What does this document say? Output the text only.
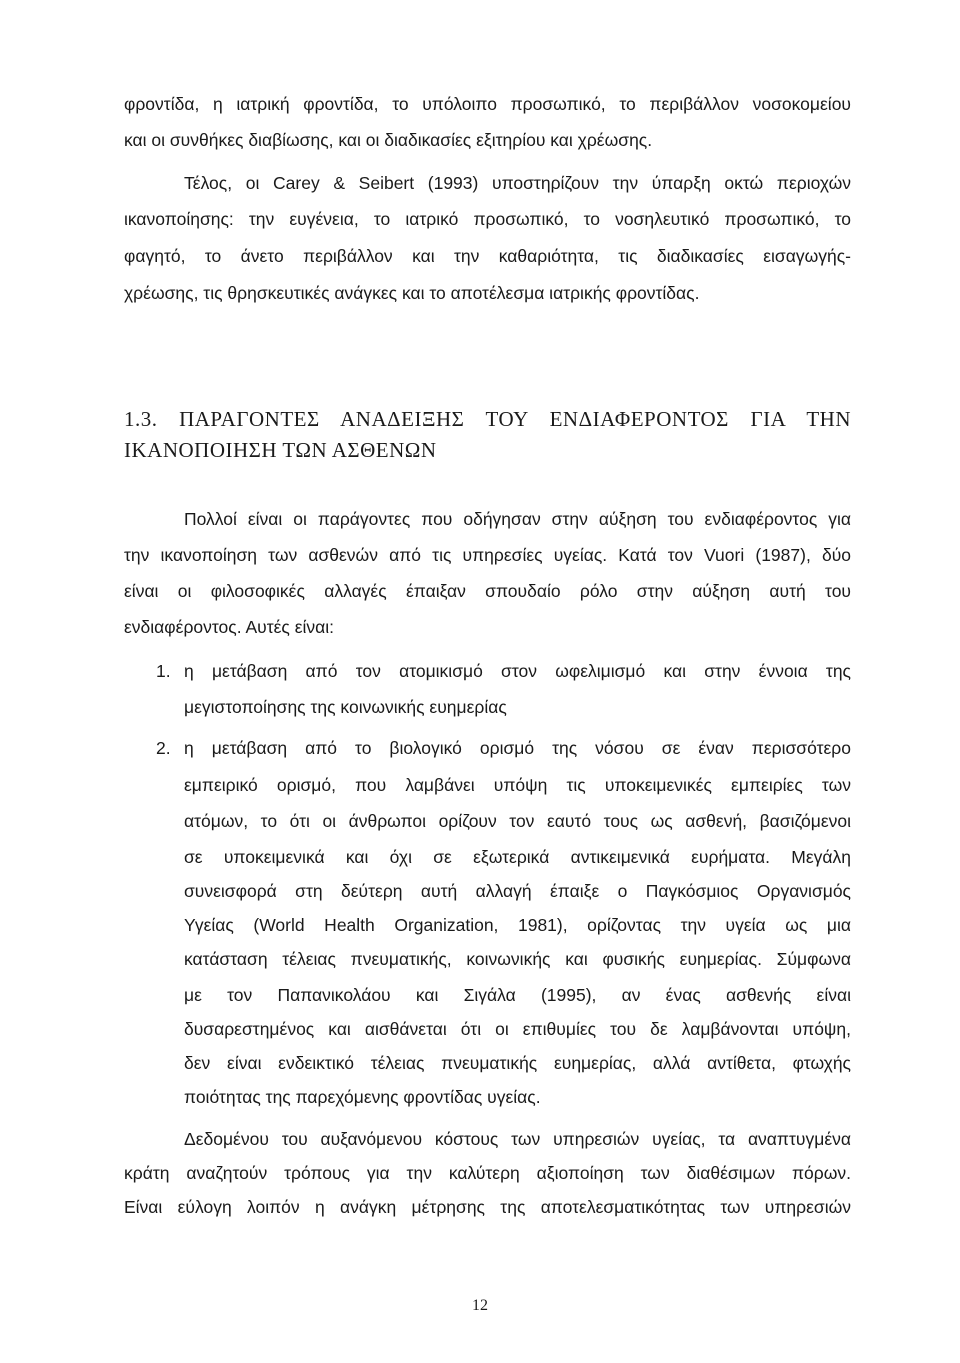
φροντίδα, η ιατρική φροντίδα, το υπόλοιπο προσωπικό, το περιβάλλον νοσοκομείου
και οι συνθήκες διαβίωσης, και οι διαδικασίες εξιτηρίου και χρέωσης.
Τέλος, οι Carey & Seibert (1993) υποστηρίζουν την ύπαρξη οκτώ περιοχών
ικανοποίησης: την ευγένεια, το ιατρικό προσωπικό, το νοσηλευτικό προσωπικό, το
φαγητό, το άνετο περιβάλλον και την καθαριότητα, τις διαδικασίες εισαγωγής-
χρέωσης, τις θρησκευτικές ανάγκες και το αποτέλεσμα ιατρικής φροντίδας.
1.3. ΠΑΡΑΓΟΝΤΕΣ ΑΝΑΔΕΙΞΗΣ ΤΟΥ ΕΝΔΙΑΦΕΡΟΝΤΟΣ ΓΙΑ ΤΗΝ
ΙΚΑΝΟΠΟΙΗΣΗ ΤΩΝ ΑΣΘΕΝΩΝ
Πολλοί είναι οι παράγοντες που οδήγησαν στην αύξηση του ενδιαφέροντος για
την ικανοποίηση των ασθενών από τις υπηρεσίες υγείας. Κατά τον Vuori (1987), δύο
είναι οι φιλοσοφικές αλλαγές έπαιξαν σπουδαίο ρόλο στην αύξηση αυτή του
ενδιαφέροντος. Αυτές είναι:
1. η μετάβαση από τον ατομικισμό στον ωφελιμισμό και στην έννοια της
μεγιστοποίησης της κοινωνικής ευημερίας
2. η μετάβαση από το βιολογικό ορισμό της νόσου σε έναν περισσότερο
εμπειρικό ορισμό, που λαμβάνει υπόψη τις υποκειμενικές εμπειρίες των
ατόμων, το ότι οι άνθρωποι ορίζουν τον εαυτό τους ως ασθενή, βασιζόμενοι
σε υποκειμενικά και όχι σε εξωτερικά αντικειμενικά ευρήματα. Μεγάλη
συνεισφορά στη δεύτερη αυτή αλλαγή έπαιξε ο Παγκόσμιος Οργανισμός
Υγείας (World Health Organization, 1981), ορίζοντας την υγεία ως μια
κατάσταση τέλειας πνευματικής, κοινωνικής και φυσικής ευημερίας. Σύμφωνα
με τον Παπανικολάου και Σιγάλα (1995), αν ένας ασθενής είναι
δυσαρεστημένος και αισθάνεται ότι οι επιθυμίες του δε λαμβάνονται υπόψη,
δεν είναι ενδεικτικό τέλειας πνευματικής ευημερίας, αλλά αντίθετα, φτωχής
ποιότητας της παρεχόμενης φροντίδας υγείας.
Δεδομένου του αυξανόμενου κόστους των υπηρεσιών υγείας, τα αναπτυγμένα
κράτη αναζητούν τρόπους για την καλύτερη αξιοποίηση των διαθέσιμων πόρων.
Είναι εύλογη λοιπόν η ανάγκη μέτρησης της αποτελεσματικότητας των υπηρεσιών
12
